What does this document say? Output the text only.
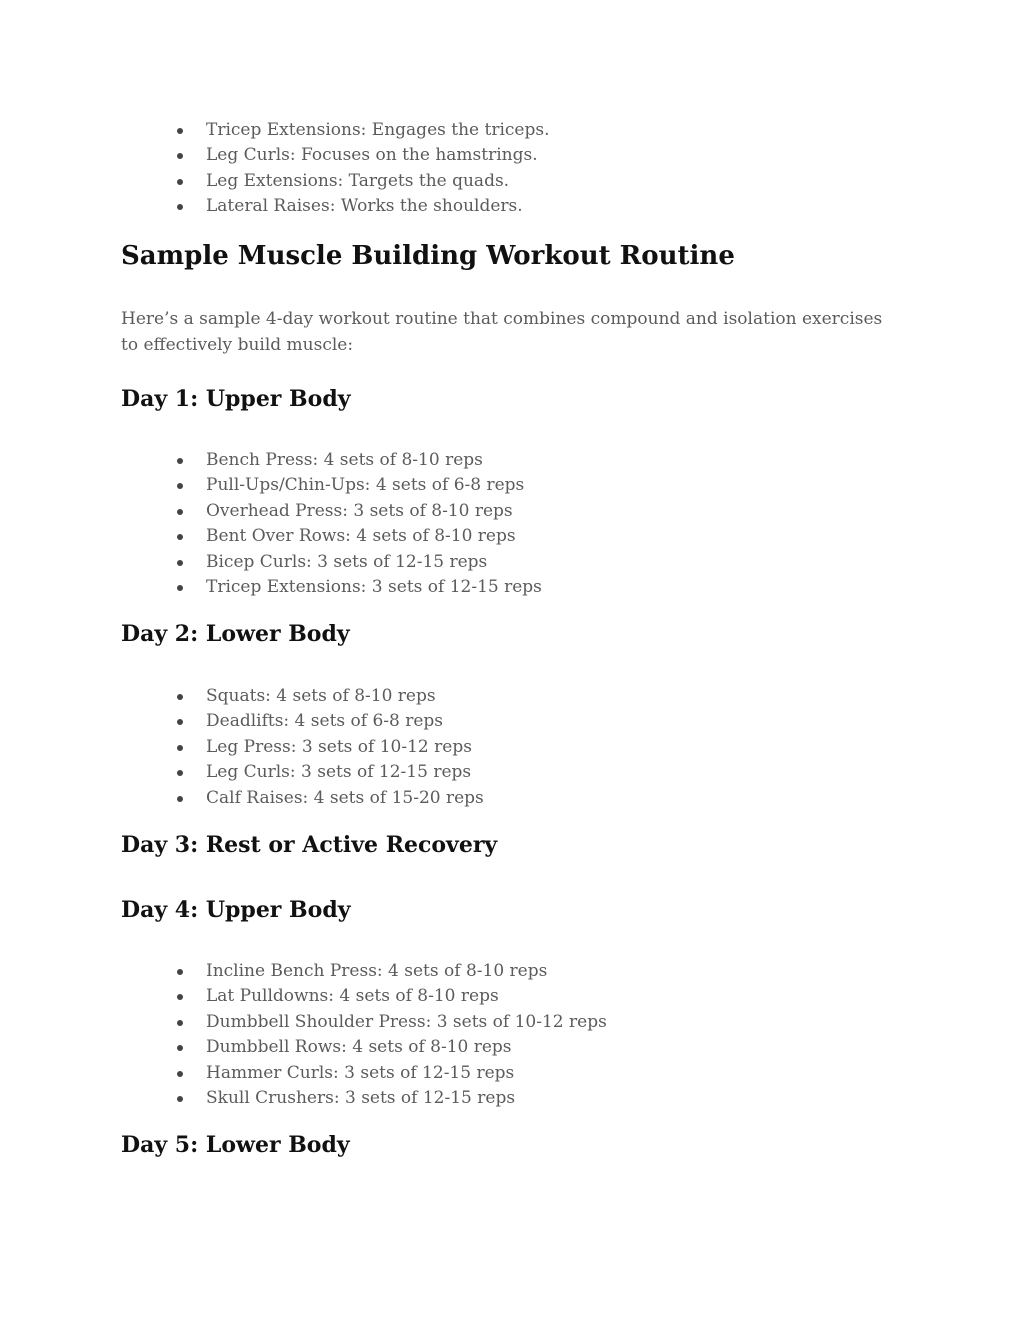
Tricep Extensions: Engages the triceps.
Leg Curls: Focuses on the hamstrings.
Leg Extensions: Targets the quads.
Lateral Raises: Works the shoulders.
Sample Muscle Building Workout Routine

Here’s a sample 4-day workout routine that combines compound and isolation exercises to effectively build muscle:

Day 1: Upper Body
Bench Press: 4 sets of 8-10 reps
Pull-Ups/Chin-Ups: 4 sets of 6-8 reps
Overhead Press: 3 sets of 8-10 reps
Bent Over Rows: 4 sets of 8-10 reps
Bicep Curls: 3 sets of 12-15 reps
Tricep Extensions: 3 sets of 12-15 reps
Day 2: Lower Body
Squats: 4 sets of 8-10 reps
Deadlifts: 4 sets of 6-8 reps
Leg Press: 3 sets of 10-12 reps
Leg Curls: 3 sets of 12-15 reps
Calf Raises: 4 sets of 15-20 reps
Day 3: Rest or Active Recovery
Day 4: Upper Body
Incline Bench Press: 4 sets of 8-10 reps
Lat Pulldowns: 4 sets of 8-10 reps
Dumbbell Shoulder Press: 3 sets of 10-12 reps
Dumbbell Rows: 4 sets of 8-10 reps
Hammer Curls: 3 sets of 12-15 reps
Skull Crushers: 3 sets of 12-15 reps
Day 5: Lower Body
